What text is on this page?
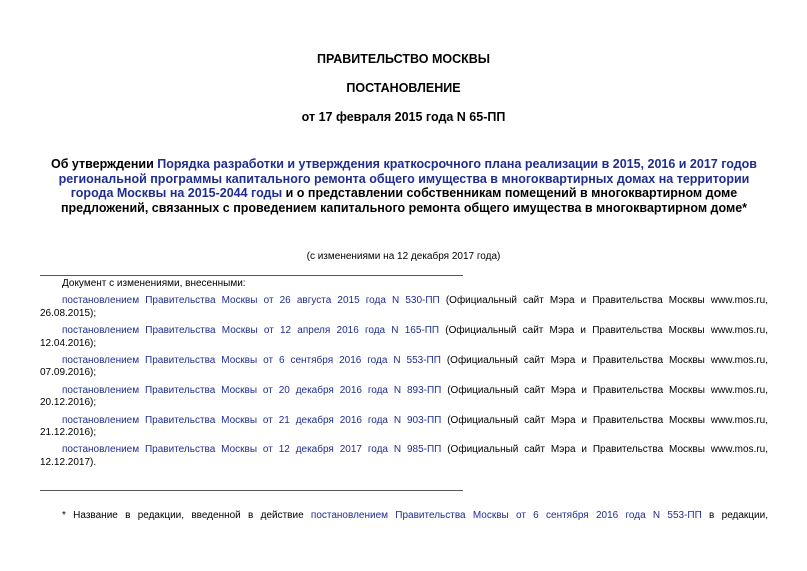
ПРАВИТЕЛЬСТВО МОСКВЫ
ПОСТАНОВЛЕНИЕ
от 17 февраля 2015 года N 65-ПП
Об утверждении Порядка разработки и утверждения краткосрочного плана реализации в 2015, 2016 и 2017 годов региональной программы капитального ремонта общего имущества в многоквартирных домах на территории города Москвы на 2015-2044 годы и о представлении собственникам помещений в многоквартирном доме предложений, связанных с проведением капитального ремонта общего имущества в многоквартирном доме*
(с изменениями на 12 декабря 2017 года)
Документ с изменениями, внесенными:
постановлением Правительства Москвы от 26 августа 2015 года N 530-ПП (Официальный сайт Мэра и Правительства Москвы www.mos.ru, 26.08.2015);
постановлением Правительства Москвы от 12 апреля 2016 года N 165-ПП (Официальный сайт Мэра и Правительства Москвы www.mos.ru, 12.04.2016);
постановлением Правительства Москвы от 6 сентября 2016 года N 553-ПП (Официальный сайт Мэра и Правительства Москвы www.mos.ru, 07.09.2016);
постановлением Правительства Москвы от 20 декабря 2016 года N 893-ПП (Официальный сайт Мэра и Правительства Москвы www.mos.ru, 20.12.2016);
постановлением Правительства Москвы от 21 декабря 2016 года N 903-ПП (Официальный сайт Мэра и Правительства Москвы www.mos.ru, 21.12.2016);
постановлением Правительства Москвы от 12 декабря 2017 года N 985-ПП (Официальный сайт Мэра и Правительства Москвы www.mos.ru, 12.12.2017).
* Название в редакции, введенной в действие постановлением Правительства Москвы от 6 сентября 2016 года N 553-ПП в редакции,
